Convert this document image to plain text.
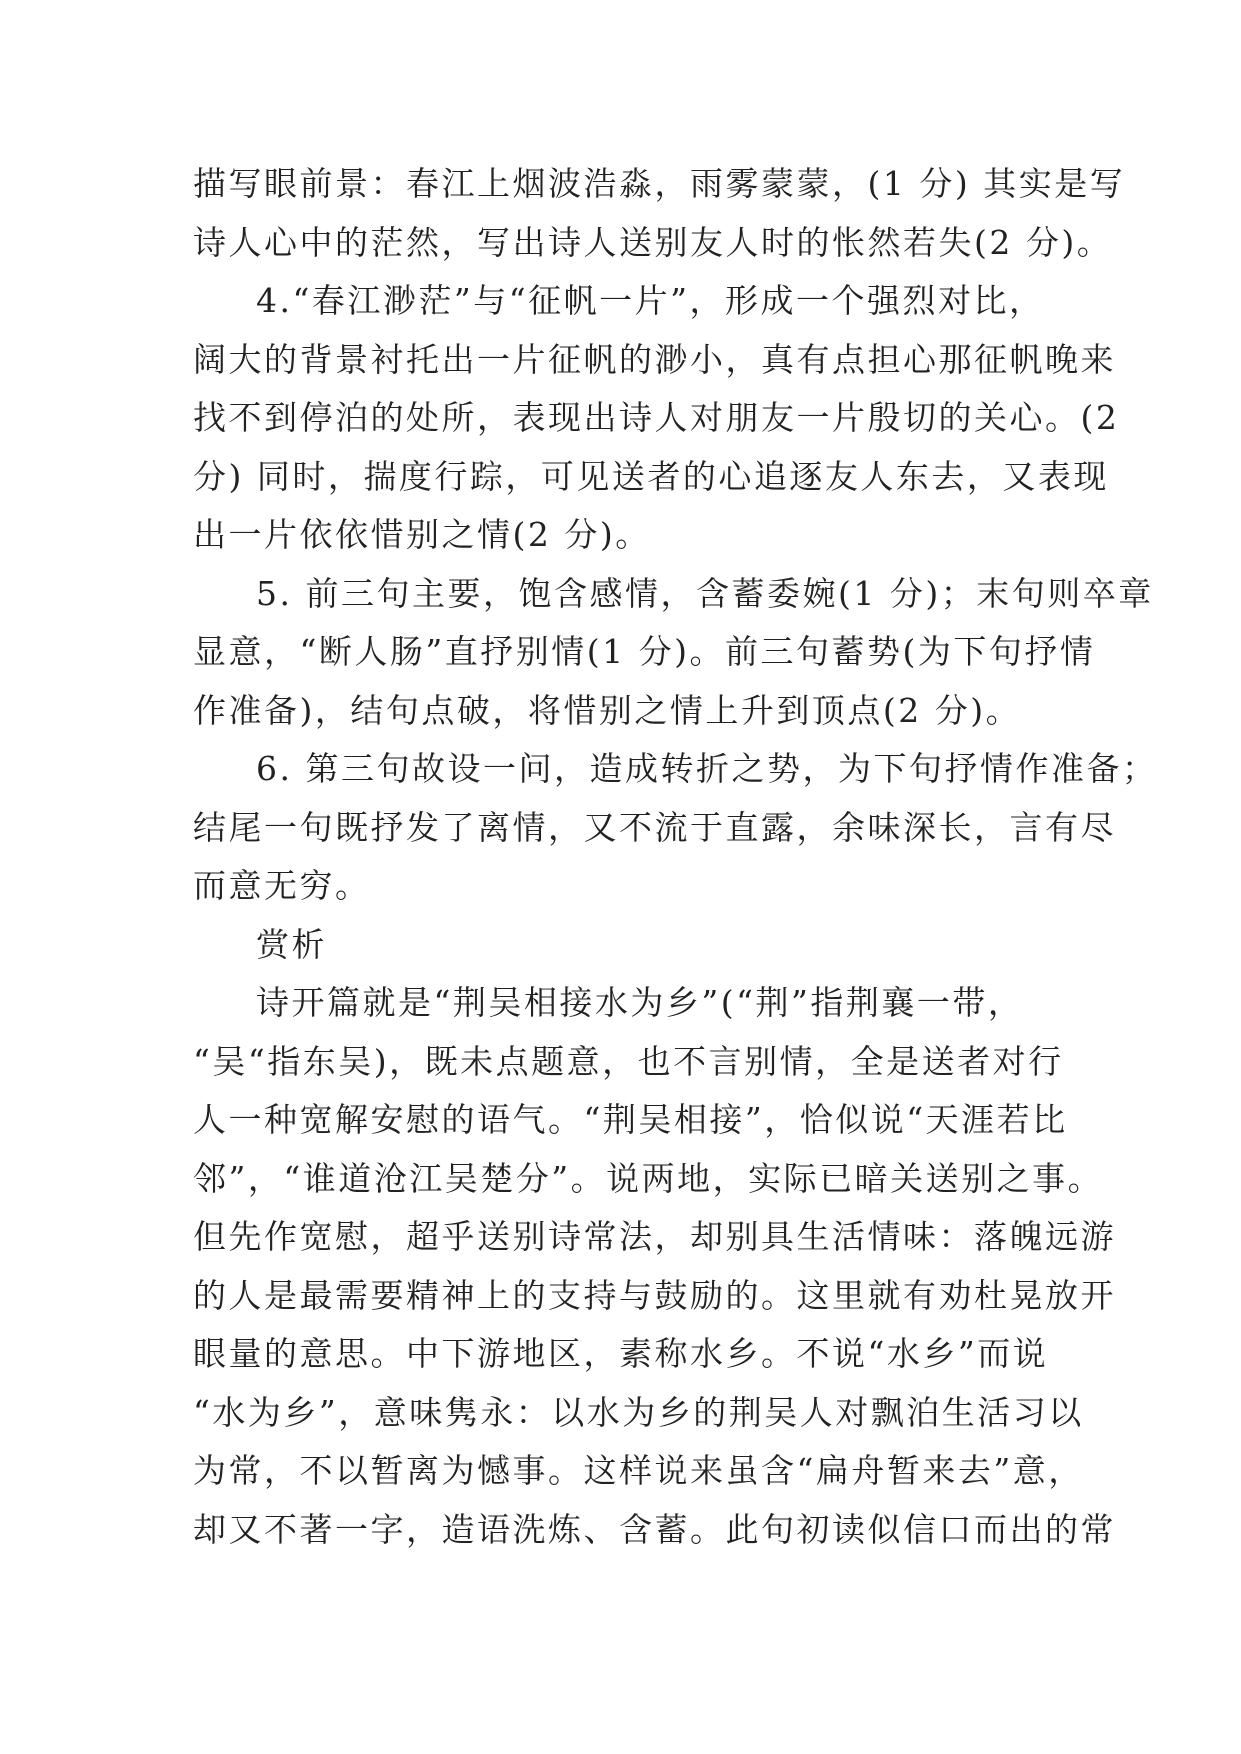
描写眼前景：春江上烟波浩淼，雨雾蒙蒙，(1 分) 其实是写
诗人心中的茫然，写出诗人送别友人时的怅然若失(2 分)。
4.“春江渺茫”与“征帆一片”，形成一个强烈对比，
阔大的背景衬托出一片征帆的渺小，真有点担心那征帆晚来
找不到停泊的处所，表现出诗人对朋友一片殷切的关心。(2
分) 同时，揣度行踪，可见送者的心追逐友人东去，又表现
出一片依依惜别之情(2 分)。
5. 前三句主要，饱含感情，含蓄委婉(1 分)；末句则卒章
显意，“断人肠”直抒别情(1 分)。前三句蓄势(为下句抒情
作准备)，结句点破，将惜别之情上升到顶点(2 分)。
6. 第三句故设一问，造成转折之势，为下句抒情作准备；
结尾一句既抒发了离情，又不流于直露，余味深长，言有尽
而意无穷。
赏析
诗开篇就是“荆吴相接水为乡”(“荆”指荆襄一带，
“吴“指东吴)，既未点题意，也不言别情，全是送者对行
人一种宽解安慰的语气。“荆吴相接”，恰似说“天涯若比
邻”，“谁道沧江吴楚分”。说两地，实际已暗关送别之事。
但先作宽慰，超乎送别诗常法，却别具生活情味：落魄远游
的人是最需要精神上的支持与鼓励的。这里就有劝杜晃放开
眼量的意思。中下游地区，素称水乡。不说“水乡”而说
“水为乡”，意味隽永：以水为乡的荆吴人对飘泊生活习以
为常，不以暂离为憾事。这样说来虽含“扁舟暂来去”意，
却又不著一字，造语洗炼、含蓄。此句初读似信口而出的常
